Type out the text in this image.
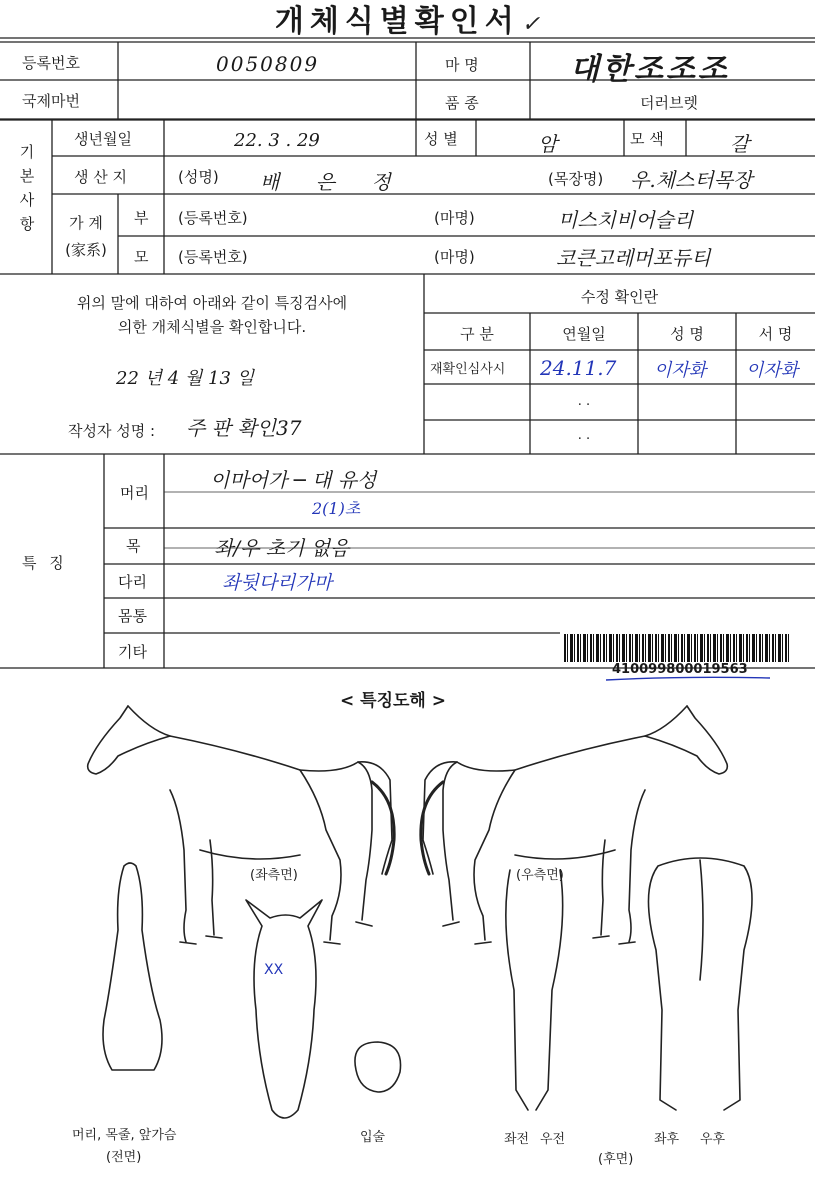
개체식별확인서✓
등록번호	0050809	마 명	대한조조조
국제마번	품 종	더러브렛
기
본
사
항
생년월일	22. 3 . 29	성 별	암	모 색	갈
생 산 지	(성명) 배 은 정	(목장명) 우.체스터목장
가 계
(家系)
부 (등록번호)	(마명)	미스치비어슬리
모 (등록번호)	(마명)	코큰고레머포듀티
위의 말에 대하여 아래와 같이 특징검사에
의한 개체식별을 확인합니다.
22 년 4 월 13 일
작성자 성명 : 주 판 확인37
수정 확인란
구 분	연월일	성 명	서 명
재확인심사시 24.11.7 이자화 이자화
. .
. .
특 징
머리
이마어가 ─ 대 유성
2(1)초
목	좌/우 초기 없음
다리	좌뒷다리가마
몸통
기타
410099800019563
< 특징도해 >
XX
(좌측면)	(우측면)
머리, 목줄, 앞가슴
(전면)
입술	좌전 우전	좌후 우후
(후면)
